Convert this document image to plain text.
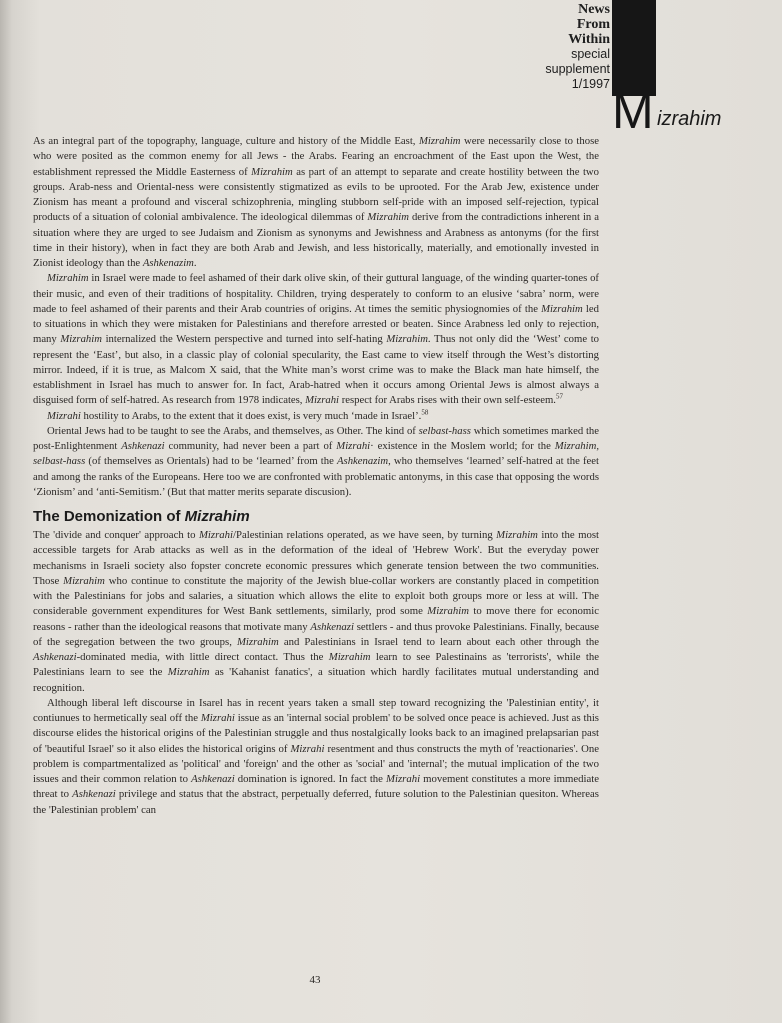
News
From
Within
special
supplement
1/1997 M izrahim

As an integral part of the topography, language, culture and history of the Middle East, Mizrahim were necessarily close to those who were posited as the common enemy for all Jews - the Arabs. Fearing an encroachment of the East upon the West, the establishment repressed the Middle Easterness of Mizrahim as part of an attempt to separate and create hostility between the two groups. Arab-ness and Oriental-ness were consistently stigmatized as evils to be uprooted. For the Arab Jew, existence under Zionism has meant a profound and visceral schizophrenia, mingling stubborn self-pride with an imposed self-rejection, typical products of a situation of colonial ambivalence. The ideological dilemmas of Mizrahim derive from the contradictions inherent in a situation where they are urged to see Judaism and Zionism as synonyms and Jewishness and Arabness as antonyms (for the first time in their history), when in fact they are both Arab and Jewish, and less historically, materially, and emotionally invested in Zionist ideology than the Ashkenazim.

Mizrahim in Israel were made to feel ashamed of their dark olive skin, of their guttural language, of the winding quarter-tones of their music, and even of their traditions of hospitality. Children, trying desperately to conform to an elusive ‘sabra’ norm, were made to feel ashamed of their parents and their Arab countries of origins. At times the semitic physiognomies of the Mizrahim led to situations in which they were mistaken for Palestinians and therefore arrested or beaten. Since Arabness led only to rejection, many Mizrahim internalized the Western perspective and turned into self-hating Mizrahim. Thus not only did the ‘West’ come to represent the ‘East’, but also, in a classic play of colonial specularity, the East came to view itself through the West’s distorting mirror. Indeed, if it is true, as Malcom X said, that the White man’s worst crime was to make the Black man hate himself, the establishment in Israel has much to answer for. In fact, Arab-hatred when it occurs among Oriental Jews is almost always a disguised form of self-hatred. As research from 1978 indicates, Mizrahi respect for Arabs rises with their own self-esteem.$^{57}$

Mizrahi hostility to Arabs, to the extent that it does exist, is very much ‘made in Israel’.$^{58}$

Oriental Jews had to be taught to see the Arabs, and themselves, as Other. The kind of selbast-hass which sometimes marked the post-Enlightenment Ashkenazi community, had never been a part of Mizrahi· existence in the Moslem world; for the Mizrahim, selbast-hass (of themselves as Orientals) had to be ‘learned’ from the Ashkenazim, who themselves ‘learned’ self-hatred at the feet and among the ranks of the Europeans. Here too we are confronted with problematic antonyms, in this case that opposing the words ‘Zionism’ and ‘anti-Semitism.’ (But that matter merits separate discusion).

The Demonization of Mizrahim

The 'divide and conquer' approach to Mizrahi/Palestinian relations operated, as we have seen, by turning Mizrahim into the most accessible targets for Arab attacks as well as in the deformation of the ideal of 'Hebrew Work'. But the everyday power mechanisms in Israeli society also fopster concrete economic pressures which generate tension between the two communities. Those Mizrahim who continue to constitute the majority of the Jewish blue-collar workers are constantly placed in competition with the Palestinians for jobs and salaries, a situation which allows the elite to exploit both groups more or less at will. The considerable government expenditures for West Bank settlements, similarly, prod some Mizrahim to move there for economic reasons - rather than the ideological reasons that motivate many Ashkenazi settlers - and thus provoke Palestinians. Finally, because of the segregation between the two groups, Mizrahim and Palestinians in Israel tend to learn about each other through the Ashkenazi-dominated media, with little direct contact. Thus the Mizrahim learn to see Palestinains as 'terrorists', while the Palestinians learn to see the Mizrahim as 'Kahanist fanatics', a situation which hardly facilitates mutual understanding and recognition.

Although liberal left discourse in Isarel has in recent years taken a small step toward recognizing the 'Palestinian entity', it contiunues to hermetically seal off the Mizrahi issue as an 'internal social problem' to be solved once peace is achieved. Just as this discourse elides the historical origins of the Palestinian struggle and thus nostalgically looks back to an imagined prelapsarian past of 'beautiful Israel' so it also elides the historical origins of Mizrahi resentment and thus constructs the myth of 'reactionaries'. One problem is compartmentalized as 'political' and 'foreign' and the other as 'social' and 'internal'; the mutual implication of the two issues and their common relation to Ashkenazi domination is ignored. In fact the Mizrahi movement constitutes a more immediate threat to Ashkenazi privilege and status that the abstract, perpetually deferred, future solution to the Palestinian quesiton. Whereas the 'Palestinian problem' can

43
